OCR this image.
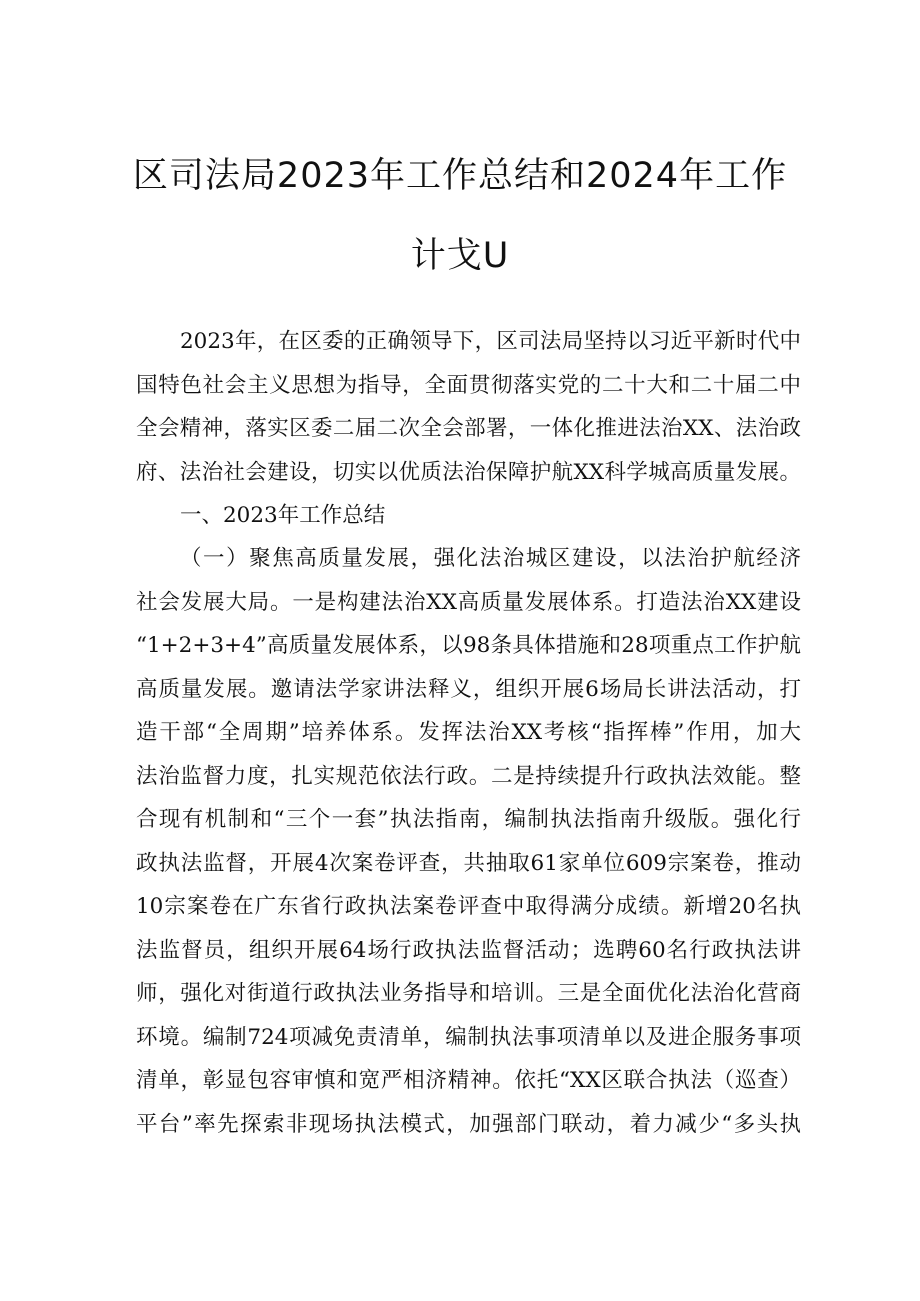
区司法局2023年工作总结和2024年工作
计戈U
2023年，在区委的正确领导下，区司法局坚持以习近平新时代中
国特色社会主义思想为指导，全面贯彻落实党的二十大和二十届二中
全会精神，落实区委二届二次全会部署，一体化推进法治XX、法治政
府、法治社会建设，切实以优质法治保障护航XX科学城高质量发展。
一、2023年工作总结
（一）聚焦高质量发展，强化法治城区建设，以法治护航经济
社会发展大局。一是构建法治XX高质量发展体系。打造法治XX建设
“1+2+3+4”高质量发展体系，以98条具体措施和28项重点工作护航
高质量发展。邀请法学家讲法释义，组织开展6场局长讲法活动，打
造干部“全周期”培养体系。发挥法治XX考核“指挥棒”作用，加大
法治监督力度，扎实规范依法行政。二是持续提升行政执法效能。整
合现有机制和“三个一套”执法指南，编制执法指南升级版。强化行
政执法监督，开展4次案卷评查，共抽取61家单位609宗案卷，推动
10宗案卷在广东省行政执法案卷评查中取得满分成绩。新增20名执
法监督员，组织开展64场行政执法监督活动；选聘60名行政执法讲
师，强化对街道行政执法业务指导和培训。三是全面优化法治化营商
环境。编制724项减免责清单，编制执法事项清单以及进企服务事项
清单，彰显包容审慎和宽严相济精神。依托“XX区联合执法（巡查）
平台”率先探索非现场执法模式，加强部门联动，着力减少“多头执
